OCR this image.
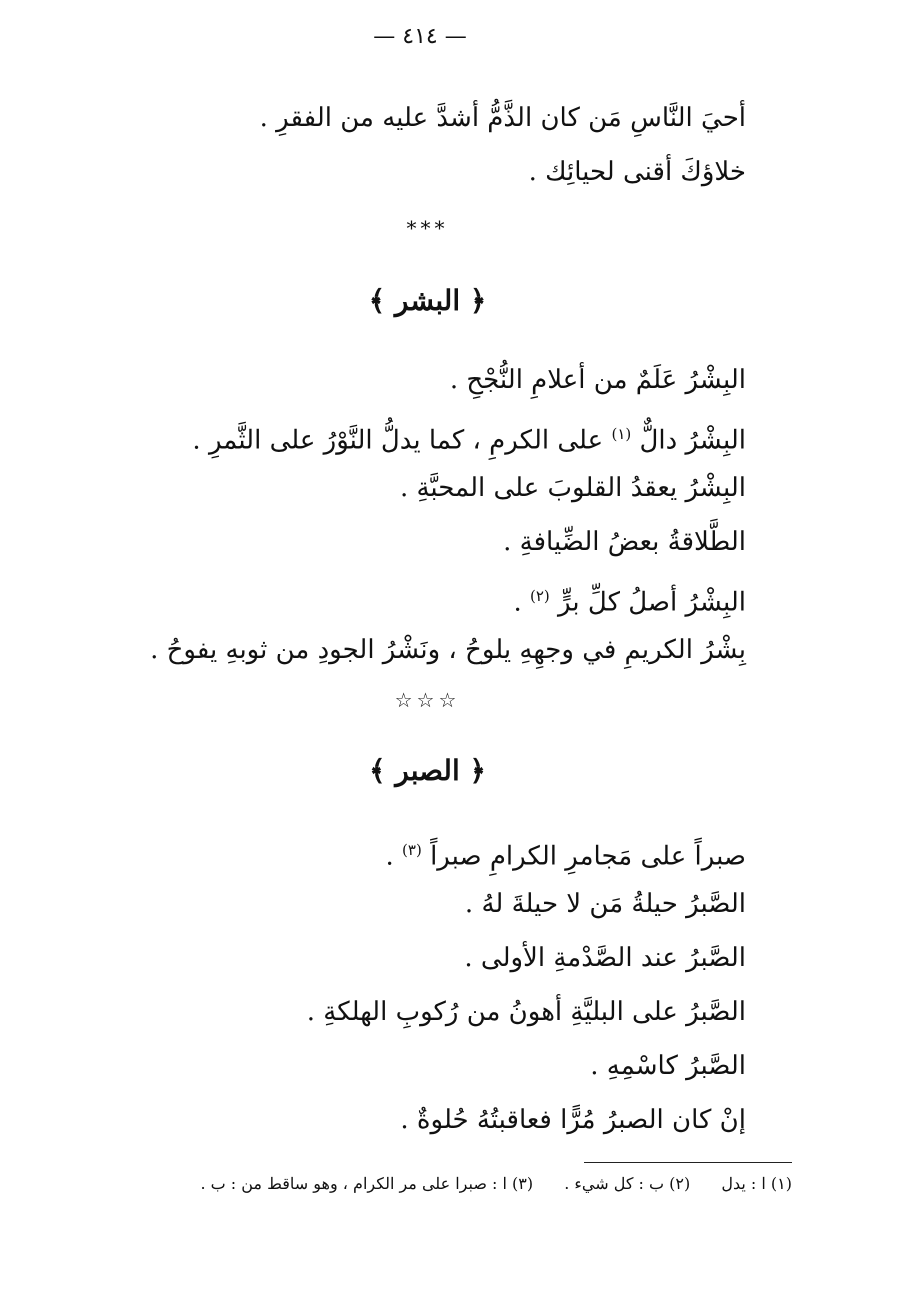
— ٤١٤ —
أحيَ النَّاسِ مَن كان الذَّمُّ أشدَّ عليه من الفقرِ .
خلاؤكَ أقنى لحيائِك .
***
﴿ البشر ﴾
البِشْرُ عَلَمٌ من أعلامِ النُّجْحِ .
البِشْرُ دالٌّ $^{(١)}$ على الكرمِ ، كما يدلُّ النَّوْرُ على الثَّمرِ .
البِشْرُ يعقدُ القلوبَ على المحبَّةِ .
الطَّلاقةُ بعضُ الضِّيافةِ .
البِشْرُ أصلُ كلِّ برٍّ $^{(٢)}$ .
بِشْرُ الكريمِ في وجهِهِ يلوحُ ، ونَشْرُ الجودِ من ثوبهِ يفوحُ .
☆☆☆
﴿ الصبر ﴾
صبراً على مَجامرِ الكرامِ صبراً $^{(٣)}$ .
الصَّبرُ حيلةُ مَن لا حيلةَ لهُ .
الصَّبرُ عند الصَّدْمةِ الأولى .
الصَّبرُ على البليَّةِ أهونُ من رُكوبِ الهلكةِ .
الصَّبرُ كاسْمِهِ .
إنْ كان الصبرُ مُرًّا فعاقبتُهُ حُلوةٌ .
(١) ا : يدل (٢) ب : كل شيء . (٣) ا : صبرا على مر الكرام ، وهو ساقط من : ب .
